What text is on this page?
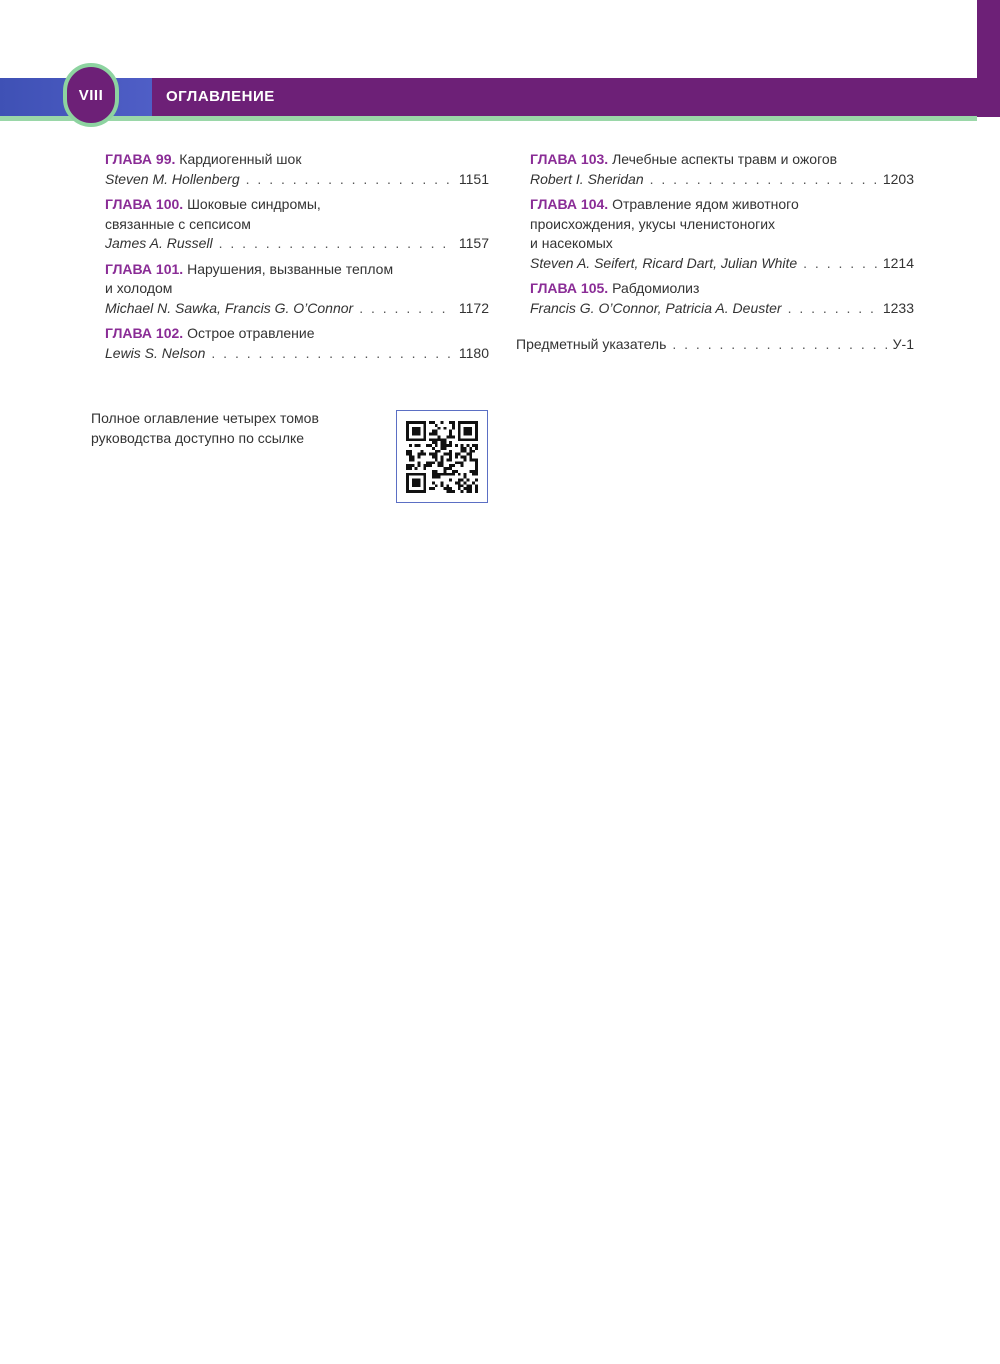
VIII	ОГЛАВЛЕНИЕ
ГЛАВА 99. Кардиогенный шок
Steven M. Hollenberg . . .	1151
ГЛАВА 100. Шоковые синдромы,
связанные с сепсисом
James A. Russell . . .	1157
ГЛАВА 101. Нарушения, вызванные теплом
и холодом
Michael N. Sawka, Francis G. O’Connor . . .	1172
ГЛАВА 102. Острое отравление
Lewis S. Nelson . . .	1180
ГЛАВА 103. Лечебные аспекты травм и ожогов
Robert I. Sheridan . . .	1203
ГЛАВА 104. Отравление ядом животного
происхождения, укусы членистоногих
и насекомых
Steven A. Seifert, Ricard Dart, Julian White . . .	1214
ГЛАВА 105. Рабдомиолиз
Francis G. O’Connor, Patricia A. Deuster . . .	1233
Предметный указатель . . .	У-1
Полное оглавление четырех томов
руководства доступно по ссылке
